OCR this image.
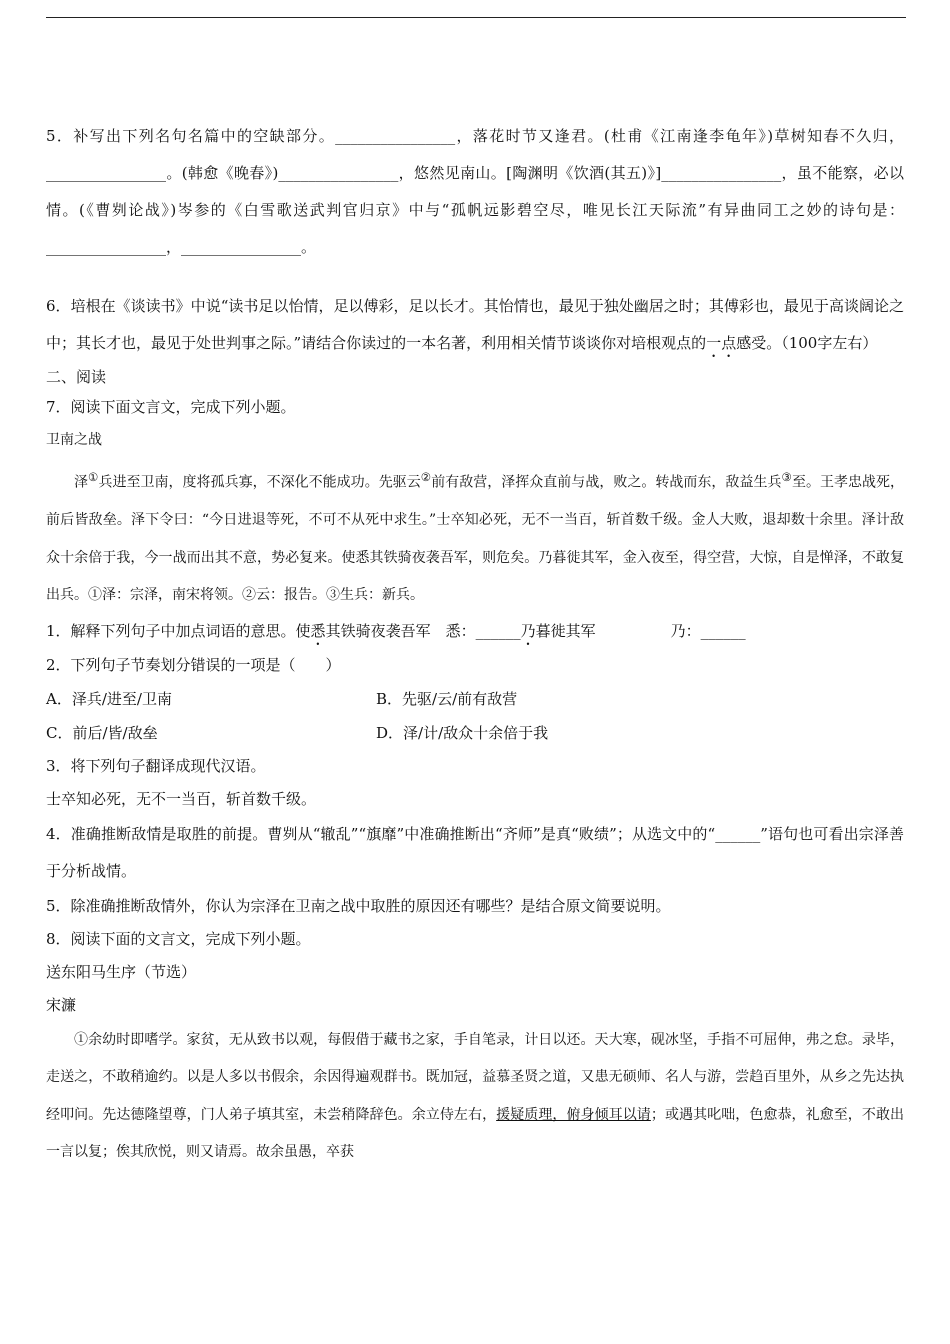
5．补写出下列名句名篇中的空缺部分。________________，落花时节又逢君。(杜甫《江南逢李龟年》)草树知春不久归，________________。(韩愈《晚春》)________________，悠然见南山。[陶渊明《饮酒(其五)》]________________，虽不能察，必以情。(《曹刿论战》)岑参的《白雪歌送武判官归京》中与“孤帆远影碧空尽，唯见长江天际流”有异曲同工之妙的诗句是：________________，________________。

6．培根在《谈读书》中说“读书足以怡情，足以傅彩，足以长才。其怡情也，最见于独处幽居之时；其傅彩也，最见于高谈阔论之中；其长才也，最见于处世判事之际。”请结合你读过的一本名著，利用相关情节谈谈你对培根观点的一点感受。（100字左右）

二、阅读

7．阅读下面文言文，完成下列小题。

卫南之战

泽①兵进至卫南，度将孤兵寡，不深化不能成功。先驱云②前有敌营，泽挥众直前与战，败之。转战而东，敌益生兵③至。王孝忠战死，前后皆敌垒。泽下令曰：“今日进退等死，不可不从死中求生。”士卒知必死，无不一当百，斩首数千级。金人大败，退却数十余里。泽计敌众十余倍于我，今一战而出其不意，势必复来。使悉其铁骑夜袭吾军，则危矣。乃暮徙其军，金入夜至，得空营，大惊，自是惮泽，不敢复出兵。①泽：宗泽，南宋将领。②云：报告。③生兵：新兵。

1．解释下列句子中加点词语的意思。使悉其铁骑夜袭吾军　悉：______乃暮徙其军　　　　　乃：______

2．下列句子节奏划分错误的一项是（　　）

A．泽兵/进至/卫南	B．先驱/云/前有敌营
C．前后/皆/敌垒	D．泽/计/敌众十余倍于我

3．将下列句子翻译成现代汉语。

士卒知必死，无不一当百，斩首数千级。

4．准确推断敌情是取胜的前提。曹刿从“辙乱”“旗靡”中准确推断出“齐师”是真“败绩”；从选文中的“______”语句也可看出宗泽善于分析战情。

5．除准确推断敌情外，你认为宗泽在卫南之战中取胜的原因还有哪些？是结合原文简要说明。

8．阅读下面的文言文，完成下列小题。

送东阳马生序（节选）

宋濂

①余幼时即嗜学。家贫，无从致书以观，每假借于藏书之家，手自笔录，计日以还。天大寒，砚冰坚，手指不可屈伸，弗之怠。录毕，走送之，不敢稍逾约。以是人多以书假余，余因得遍观群书。既加冠，益慕圣贤之道，又患无硕师、名人与游，尝趋百里外，从乡之先达执经叩问。先达德隆望尊，门人弟子填其室，未尝稍降辞色。余立侍左右，援疑质理，俯身倾耳以请；或遇其叱咄，色愈恭，礼愈至，不敢出一言以复；俟其欣悦，则又请焉。故余虽愚，卒获
